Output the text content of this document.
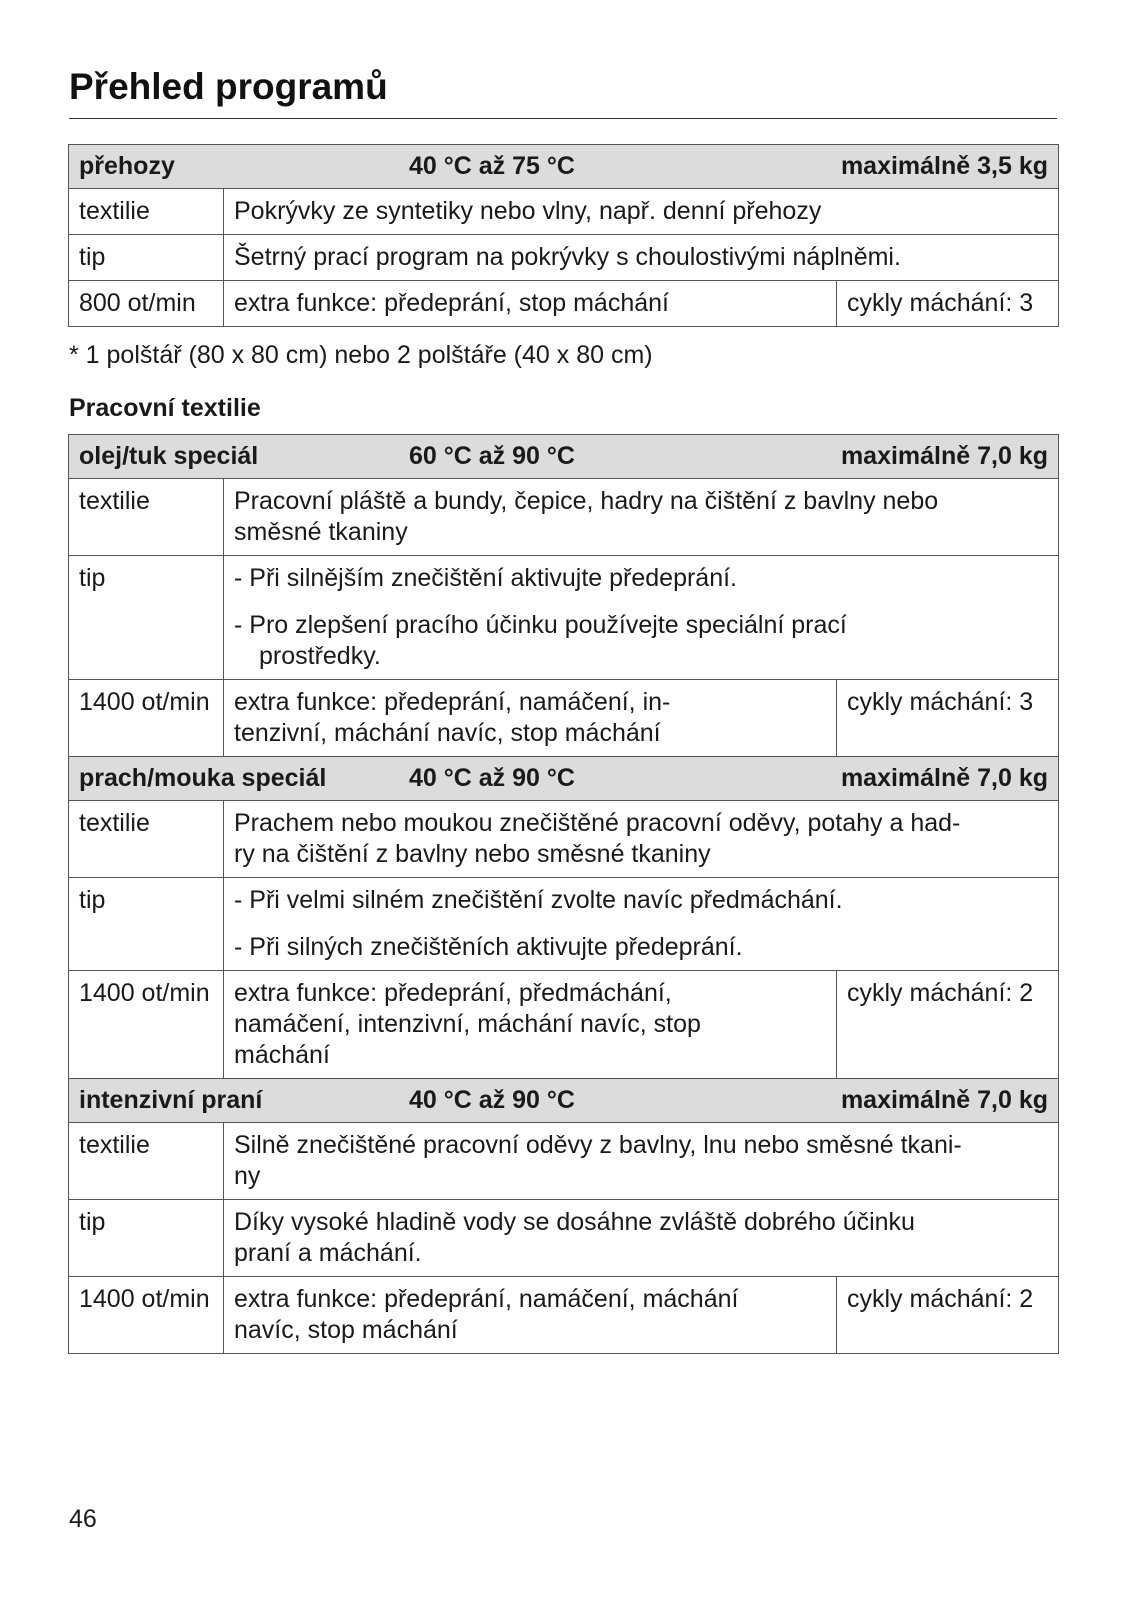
Přehled programů
přehozy 40 °C až 75 °C maximálně 3,5 kg		

textilie	Pokrývky ze syntetiky nebo vlny, např. denní přehozy	
tip	Šetrný prací program na pokrývky s choulostivými náplněmi.	
800 ot/min	extra funkce: předeprání, stop máchání	cykly máchání: 3

* 1 polštář (80 x 80 cm) nebo 2 polštáře (40 x 80 cm)

Pracovní textilie

olej/tuk speciál 60 °C až 90 °C maximálně 7,0 kg		

textilie	Pracovní pláště a bundy, čepice, hadry na čištění z bavlny nebo
směsné tkaniny	

tip	- Při silnějším znečištění aktivujte předeprání.
- Pro zlepšení pracího účinku používejte speciální prací
prostředky.	

1400 ot/min	extra funkce: předeprání, namáčení, in-
tenzivní, máchání navíc, stop máchání	cykly máchání: 3
prach/mouka speciál 40 °C až 90 °C maximálně 7,0 kg		

textilie	Prachem nebo moukou znečištěné pracovní oděvy, potahy a had-
ry na čištění z bavlny nebo směsné tkaniny	

tip	- Při velmi silném znečištění zvolte navíc předmáchání.
- Při silných znečištěních aktivujte předeprání.	

1400 ot/min	extra funkce: předeprání, předmáchání,
namáčení, intenzivní, máchání navíc, stop
máchání	cykly máchání: 2
intenzivní praní 40 °C až 90 °C maximálně 7,0 kg		

textilie	Silně znečištěné pracovní oděvy z bavlny, lnu nebo směsné tkani-
ny	

tip	Díky vysoké hladině vody se dosáhne zvláště dobrého účinku
praní a máchání.	

1400 ot/min	extra funkce: předeprání, namáčení, máchání
navíc, stop máchání	cykly máchání: 2
46
